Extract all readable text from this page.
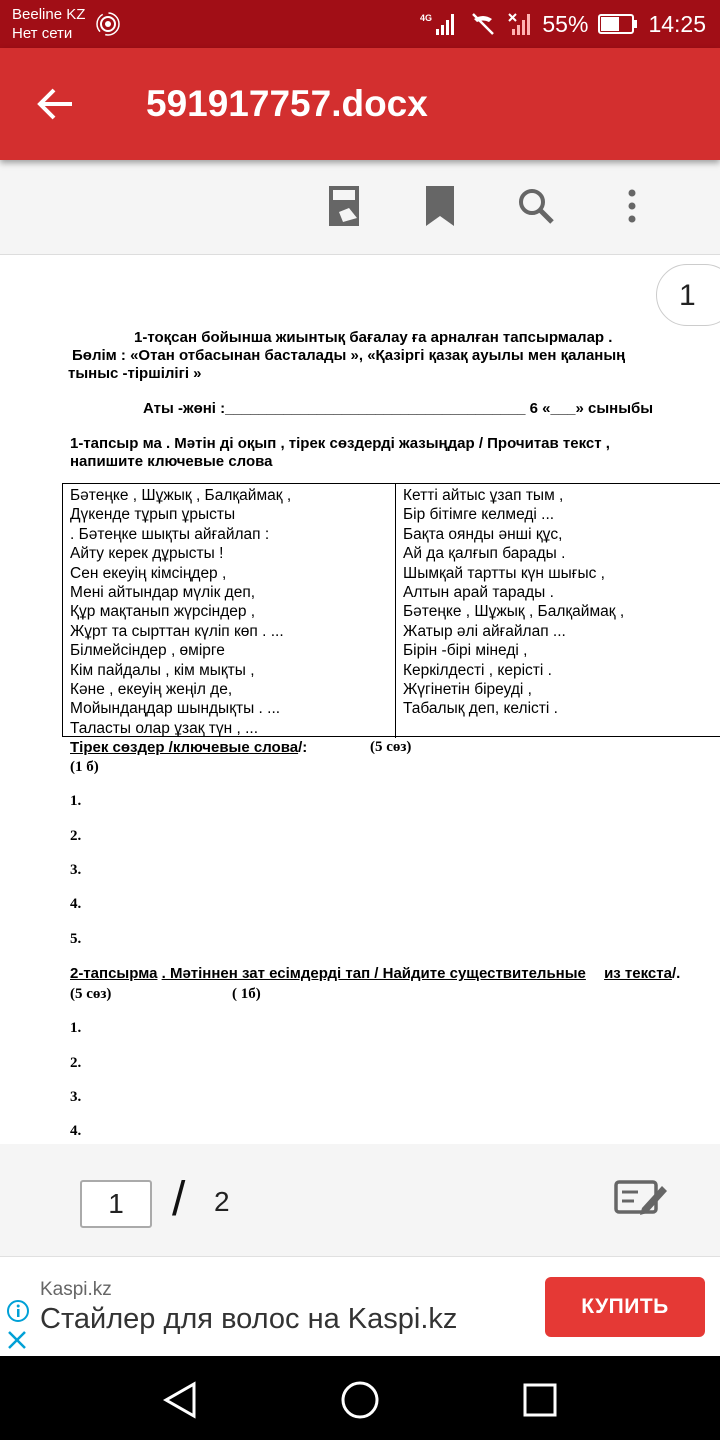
Beeline KZ
Нет сети
4G	55%	14:25
591917757.docx
1
1-тоқсан бойынша жиынтық бағалау ға арналған тапсырмалар .
Бөлім : «Отан отбасынан басталады », «Қазіргі қазақ ауылы мен қаланың
тыныс -тіршілігі »
Аты -жөні :____________________________________ 6 «___» сыныбы
1-тапсыр ма . Мәтін ді оқып , тірек сөздерді жазыңдар / Прочитав текст ,
напишите ключевые слова
Тірек сөздер /ключевые слова/:	(5 сөз)
(1 б)
1.
2.
3.
4.
5.
2-тапсырма . Мәтіннен зат есімдерді тап / Найдите существительные из текста/.
(5 сөз)	( 1б)
1.
2.
3.
4.
Бәтеңке , Шұжық , Балқаймақ ,
Дүкенде тұрып ұрысты
. Бәтеңке шықты айғайлап :
Айту керек дұрысты !
Сен екеуің кімсіңдер ,
Мені айтындар мүлік деп,
Құр мақтанып жүрсіндер ,
Жұрт та сырттан күліп көп . ...
Білмейсіндер , өмірге
Кім пайдалы , кім мықты ,
Кәне , екеуің жеңіл де,
Мойындаңдар шындықты . ...
Таласты олар ұзақ түн , ...
Кетті айтыс ұзап тым ,
Бір бітімге келмеді ...
Бақта оянды әнші құс,
Ай да қалғып барады .
Шымқай тартты күн шығыс ,
Алтын арай тарады .
Бәтеңке , Шұжық , Балқаймақ ,
Жатыр әлі айғайлап ...
Бірін -бірі мінеді ,
Керкілдесті , керісті .
Жүгінетін біреуді ,
Табалық деп, келісті .
1	/ 2
Kaspi.kz
Стайлер для волос на Kaspi.kz	КУПИТЬ
